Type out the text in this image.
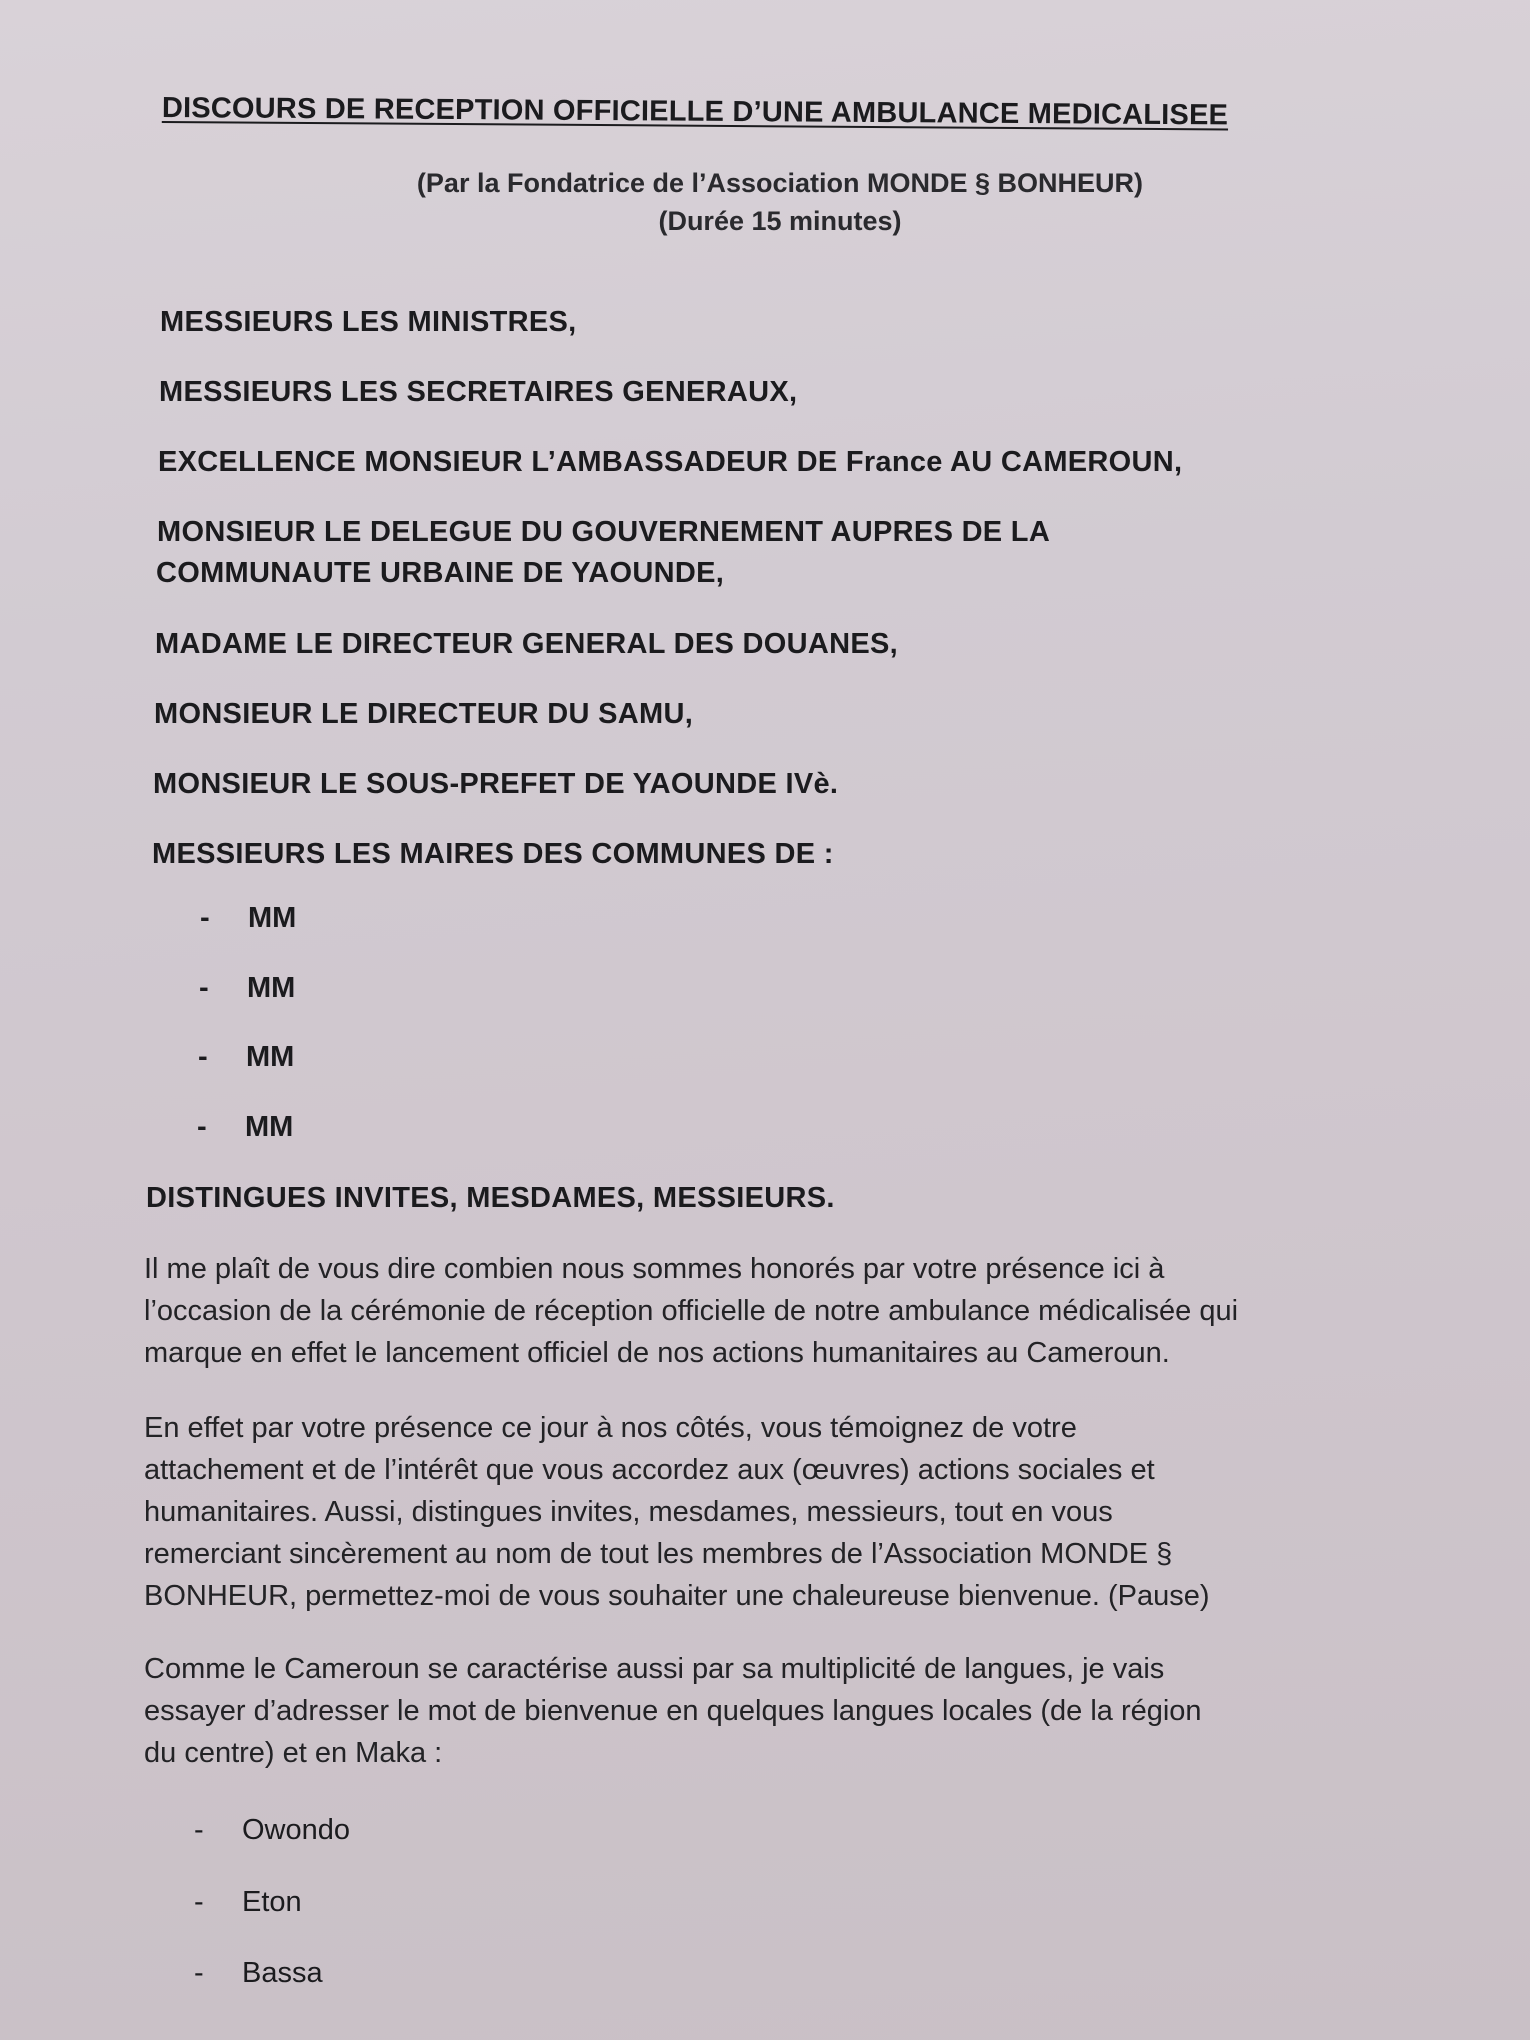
DISCOURS DE RECEPTION OFFICIELLE D’UNE AMBULANCE MEDICALISEE
(Par la Fondatrice de l’Association MONDE § BONHEUR)
(Durée 15 minutes)
MESSIEURS LES MINISTRES,
MESSIEURS LES SECRETAIRES GENERAUX,
EXCELLENCE MONSIEUR L’AMBASSADEUR DE France AU CAMEROUN,
MONSIEUR LE DELEGUE DU GOUVERNEMENT AUPRES DE LA
COMMUNAUTE URBAINE DE YAOUNDE,
MADAME LE DIRECTEUR GENERAL DES DOUANES,
MONSIEUR LE DIRECTEUR DU SAMU,
MONSIEUR LE SOUS-PREFET DE YAOUNDE IVè.
MESSIEURS LES MAIRES DES COMMUNES DE :
- MM
- MM
- MM
- MM
DISTINGUES INVITES, MESDAMES, MESSIEURS.
Il me plaît de vous dire combien nous sommes honorés par votre présence ici à
l’occasion de la cérémonie de réception officielle de notre ambulance médicalisée qui
marque en effet le lancement officiel de nos actions humanitaires au Cameroun.
En effet par votre présence ce jour à nos côtés, vous témoignez de votre
attachement et de l’intérêt que vous accordez aux (œuvres) actions sociales et
humanitaires. Aussi, distingues invites, mesdames, messieurs, tout en vous
remerciant sincèrement au nom de tout les membres de l’Association MONDE §
BONHEUR, permettez-moi de vous souhaiter une chaleureuse bienvenue. (Pause)
Comme le Cameroun se caractérise aussi par sa multiplicité de langues, je vais
essayer d’adresser le mot de bienvenue en quelques langues locales (de la région
du centre) et en Maka :
- Owondo
- Eton
- Bassa
